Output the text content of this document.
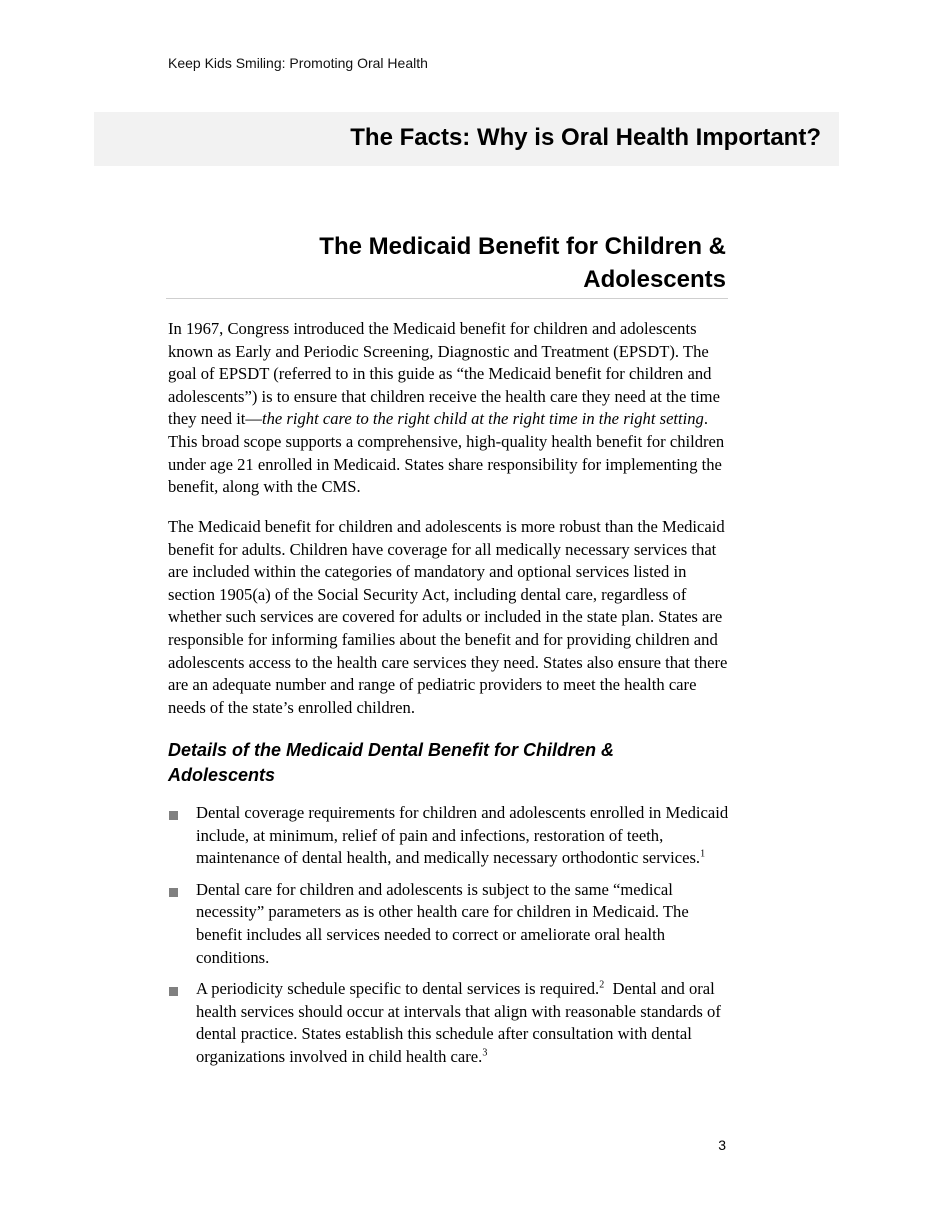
Keep Kids Smiling: Promoting Oral Health
The Facts: Why is Oral Health Important?
The Medicaid Benefit for Children &
Adolescents

In 1967, Congress introduced the Medicaid benefit for children and adolescents known as Early and Periodic Screening, Diagnostic and Treatment (EPSDT). The goal of EPSDT (referred to in this guide as “the Medicaid benefit for children and adolescents”) is to ensure that children receive the health care they need at the time they need it—the right care to the right child at the right time in the right setting. This broad scope supports a comprehensive, high-quality health benefit for children under age 21 enrolled in Medicaid. States share responsibility for implementing the benefit, along with the CMS.

The Medicaid benefit for children and adolescents is more robust than the Medicaid benefit for adults. Children have coverage for all medically necessary services that are included within the categories of mandatory and optional services listed in section 1905(a) of the Social Security Act, including dental care, regardless of whether such services are covered for adults or included in the state plan. States are responsible for informing families about the benefit and for providing children and adolescents access to the health care services they need. States also ensure that there are an adequate number and range of pediatric providers to meet the health care needs of the state’s enrolled children.

Details of the Medicaid Dental Benefit for Children & Adolescents
Dental coverage requirements for children and adolescents enrolled in Medicaid include, at minimum, relief of pain and infections, restoration of teeth, maintenance of dental health, and medically necessary orthodontic services.$^1$
Dental care for children and adolescents is subject to the same “medical necessity” parameters as is other health care for children in Medicaid. The benefit includes all services needed to correct or ameliorate oral health conditions.
A periodicity schedule specific to dental services is required.$^2$  Dental and oral health services should occur at intervals that align with reasonable standards of dental practice. States establish this schedule after consultation with dental organizations involved in child health care.$^3$
3
